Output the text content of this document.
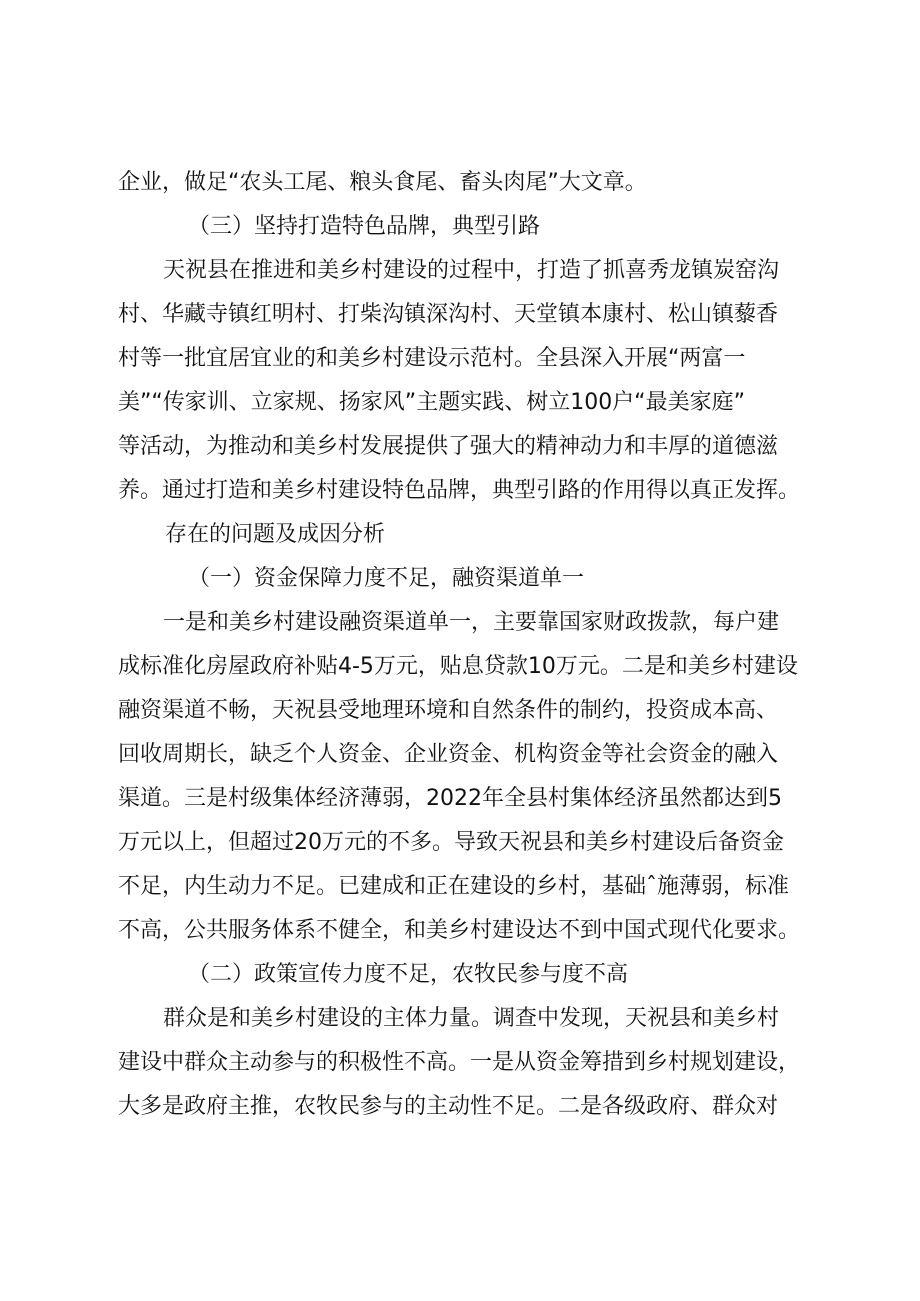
企业，做足“农头工尾、粮头食尾、畜头肉尾”大文章。
（三）坚持打造特色品牌，典型引路
天祝县在推进和美乡村建设的过程中，打造了抓喜秀龙镇炭窑沟
村、华藏寺镇红明村、打柴沟镇深沟村、天堂镇本康村、松山镇藜香
村等一批宜居宜业的和美乡村建设示范村。全县深入开展“两富一
美”“传家训、立家规、扬家风”主题实践、树立100户“最美家庭”
等活动，为推动和美乡村发展提供了强大的精神动力和丰厚的道德滋
养。通过打造和美乡村建设特色品牌，典型引路的作用得以真正发挥。
存在的问题及成因分析
（一）资金保障力度不足，融资渠道单一
一是和美乡村建设融资渠道单一，主要靠国家财政拨款，每户建
成标准化房屋政府补贴4-5万元，贴息贷款10万元。二是和美乡村建设
融资渠道不畅，天祝县受地理环境和自然条件的制约，投资成本高、
回收周期长，缺乏个人资金、企业资金、机构资金等社会资金的融入
渠道。三是村级集体经济薄弱，2022年全县村集体经济虽然都达到5
万元以上，但超过20万元的不多。导致天祝县和美乡村建设后备资金
不足，内生动力不足。已建成和正在建设的乡村，基础ˆ施薄弱，标准
不高，公共服务体系不健全，和美乡村建设达不到中国式现代化要求。
（二）政策宣传力度不足，农牧民参与度不高
群众是和美乡村建设的主体力量。调查中发现，天祝县和美乡村
建设中群众主动参与的积极性不高。一是从资金筹措到乡村规划建设，
大多是政府主推，农牧民参与的主动性不足。二是各级政府、群众对
